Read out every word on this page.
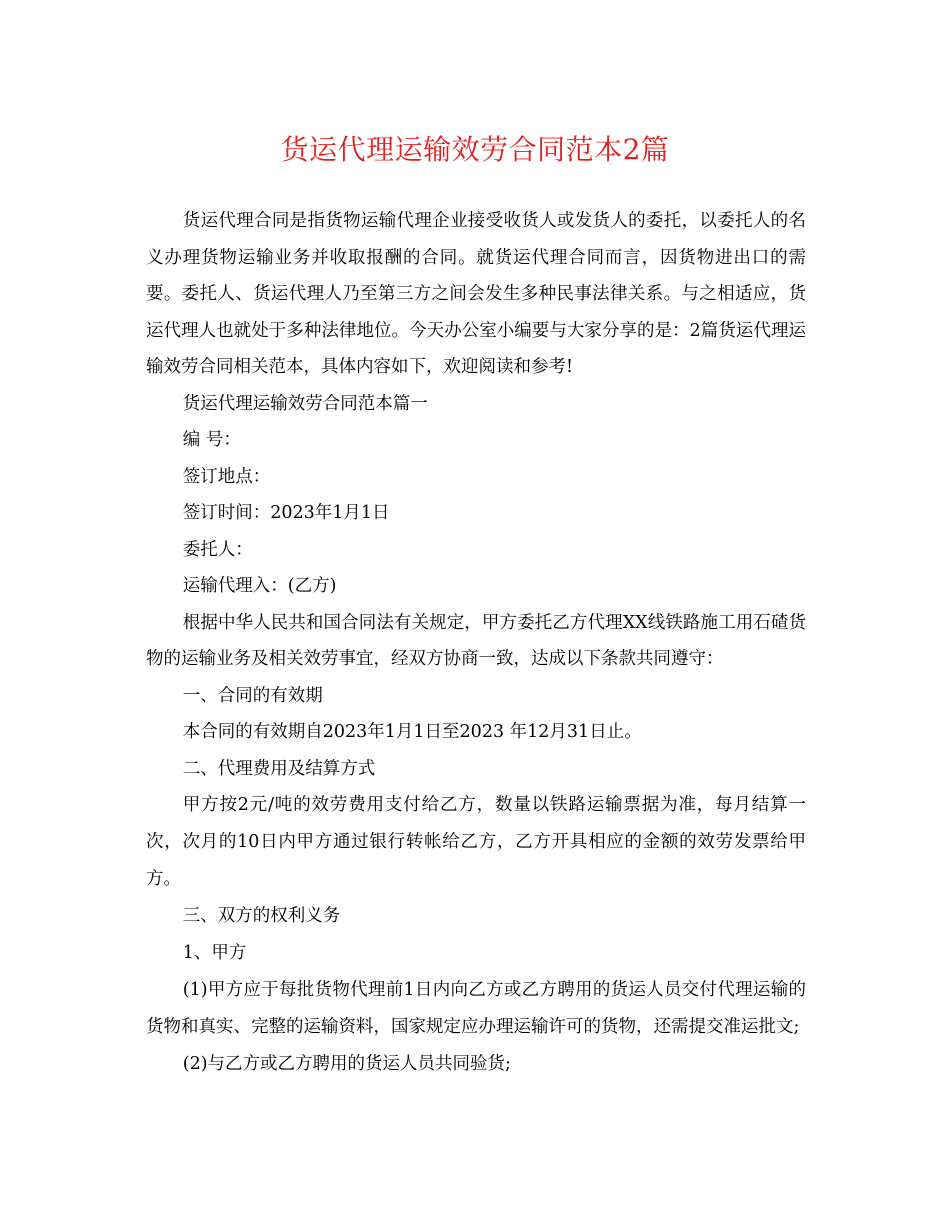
货运代理运输效劳合同范本2篇

货运代理合同是指货物运输代理企业接受收货人或发货人的委托，以委托人的名义办理货物运输业务并收取报酬的合同。就货运代理合同而言，因货物进出口的需要。委托人、货运代理人乃至第三方之间会发生多种民事法律关系。与之相适应，货运代理人也就处于多种法律地位。今天办公室小编要与大家分享的是：2篇货运代理运输效劳合同相关范本，具体内容如下，欢迎阅读和参考!

货运代理运输效劳合同范本篇一

编 号：

签订地点：

签订时间：2023年1月1日

委托人：

运输代理入：(乙方)

根据中华人民共和国合同法有关规定，甲方委托乙方代理XX线铁路施工用石碴货物的运输业务及相关效劳事宜，经双方协商一致，达成以下条款共同遵守：

一、合同的有效期

本合同的有效期自2023年1月1日至2023 年12月31日止。

二、代理费用及结算方式

甲方按2元/吨的效劳费用支付给乙方，数量以铁路运输票据为准，每月结算一次，次月的10日内甲方通过银行转帐给乙方，乙方开具相应的金额的效劳发票给甲方。

三、双方的权利义务

1、甲方

(1)甲方应于每批货物代理前1日内向乙方或乙方聘用的货运人员交付代理运输的货物和真实、完整的运输资料，国家规定应办理运输许可的货物，还需提交准运批文;

(2)与乙方或乙方聘用的货运人员共同验货;
